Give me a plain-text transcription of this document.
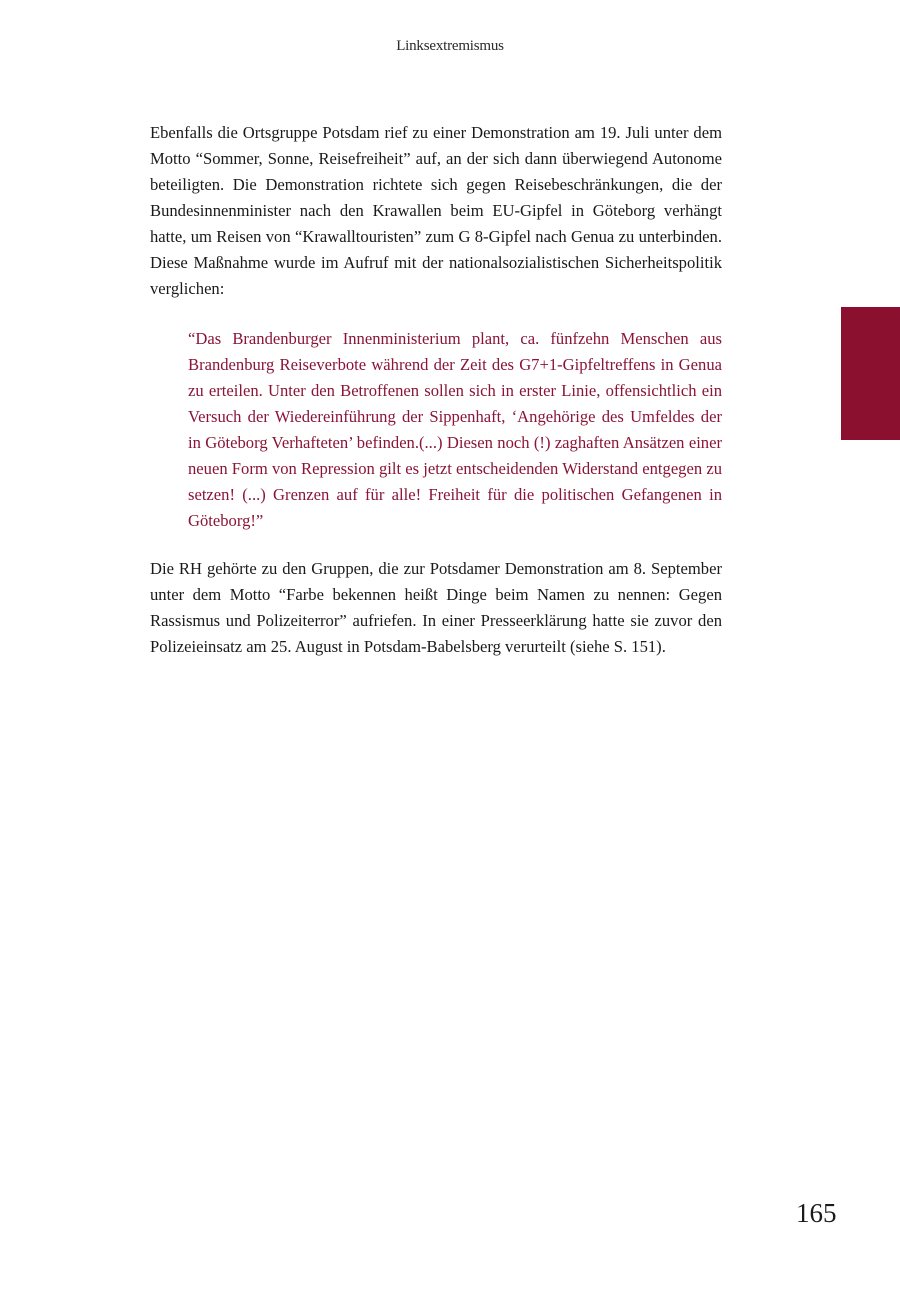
Linksextremismus

Ebenfalls die Ortsgruppe Potsdam rief zu einer Demonstration am 19. Juli unter dem Motto “Sommer, Sonne, Reisefreiheit” auf, an der sich dann überwiegend Autonome beteiligten. Die Demonstration richtete sich gegen Reisebeschränkungen, die der Bundesinnenminister nach den Krawallen beim EU-Gipfel in Göteborg verhängt hatte, um Reisen von “Krawalltouristen” zum G 8-Gipfel nach Genua zu unterbinden. Diese Maßnahme wurde im Aufruf mit der nationalsozialistischen Sicherheitspolitik verglichen:

“Das Brandenburger Innenministerium plant, ca. fünfzehn Menschen aus Brandenburg Reiseverbote während der Zeit des G7+1-Gipfeltreffens in Genua zu erteilen. Unter den Betroffenen sollen sich in erster Linie, offensichtlich ein Versuch der Wiedereinführung der Sippenhaft, ‘Angehörige des Umfeldes der in Göteborg Verhafteten’ befinden.(...) Diesen noch (!) zaghaften Ansätzen einer neuen Form von Repression gilt es jetzt entscheidenden Widerstand entgegen zu setzen! (...) Grenzen auf für alle! Freiheit für die politischen Gefangenen in Göteborg!”

Die RH gehörte zu den Gruppen, die zur Potsdamer Demonstration am 8. September unter dem Motto “Farbe bekennen heißt Dinge beim Namen zu nennen: Gegen Rassismus und Polizeiterror” aufriefen. In einer Presseerklärung hatte sie zuvor den Polizeieinsatz am 25. August in Potsdam-Babelsberg verurteilt (siehe S. 151).

165
